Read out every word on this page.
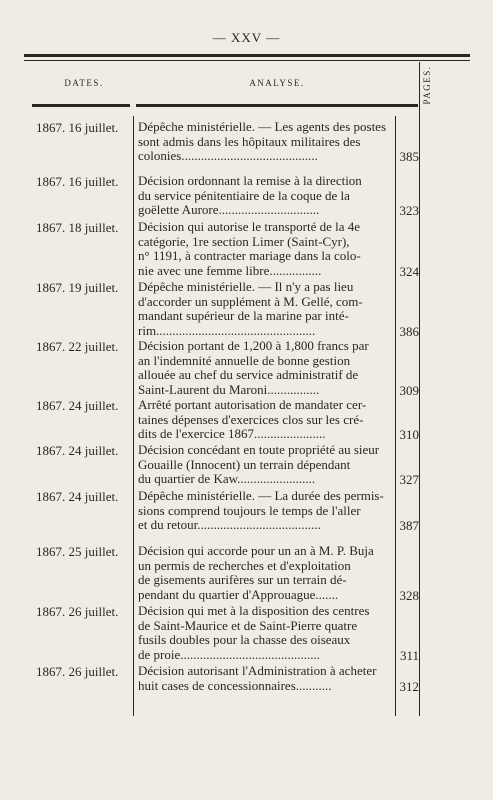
— XXV —
DATES.	ANALYSE.	PAGES.
1867. 16 juillet.	Dépêche ministérielle. — Les agents des postes
sont admis dans les hôpitaux militaires des
colonies..........................................	385
1867. 16 juillet.	Décision ordonnant la remise à la direction
du service pénitentiaire de la coque de la
goëlette Aurore...............................	323
1867. 18 juillet.	Décision qui autorise le transporté de la 4e
catégorie, 1re section Limer (Saint-Cyr),
n° 1191, à contracter mariage dans la colo-
nie avec une femme libre................	324
1867. 19 juillet.	Dépêche ministérielle. — Il n'y a pas lieu
d'accorder un supplément à M. Gellé, com-
mandant supérieur de la marine par inté-
rim.................................................	386
1867. 22 juillet.	Décision portant de 1,200 à 1,800 francs par
an l'indemnité annuelle de bonne gestion
allouée au chef du service administratif de
Saint-Laurent du Maroni................	309
1867. 24 juillet.	Arrêté portant autorisation de mandater cer-
taines dépenses d'exercices clos sur les cré-
dits de l'exercice 1867......................	310
1867. 24 juillet.	Décision concédant en toute propriété au sieur
Gouaille (Innocent) un terrain dépendant
du quartier de Kaw........................	327
1867. 24 juillet.	Dépêche ministérielle. — La durée des permis-
sions comprend toujours le temps de l'aller
et du retour......................................	387
1867. 25 juillet.	Décision qui accorde pour un an à M. P. Buja
un permis de recherches et d'exploitation
de gisements aurifères sur un terrain dé-
pendant du quartier d'Approuague.......	328
1867. 26 juillet.	Décision qui met à la disposition des centres
de Saint-Maurice et de Saint-Pierre quatre
fusils doubles pour la chasse des oiseaux
de proie...........................................	311
1867. 26 juillet.	Décision autorisant l'Administration à acheter
huit cases de concessionnaires...........	312
